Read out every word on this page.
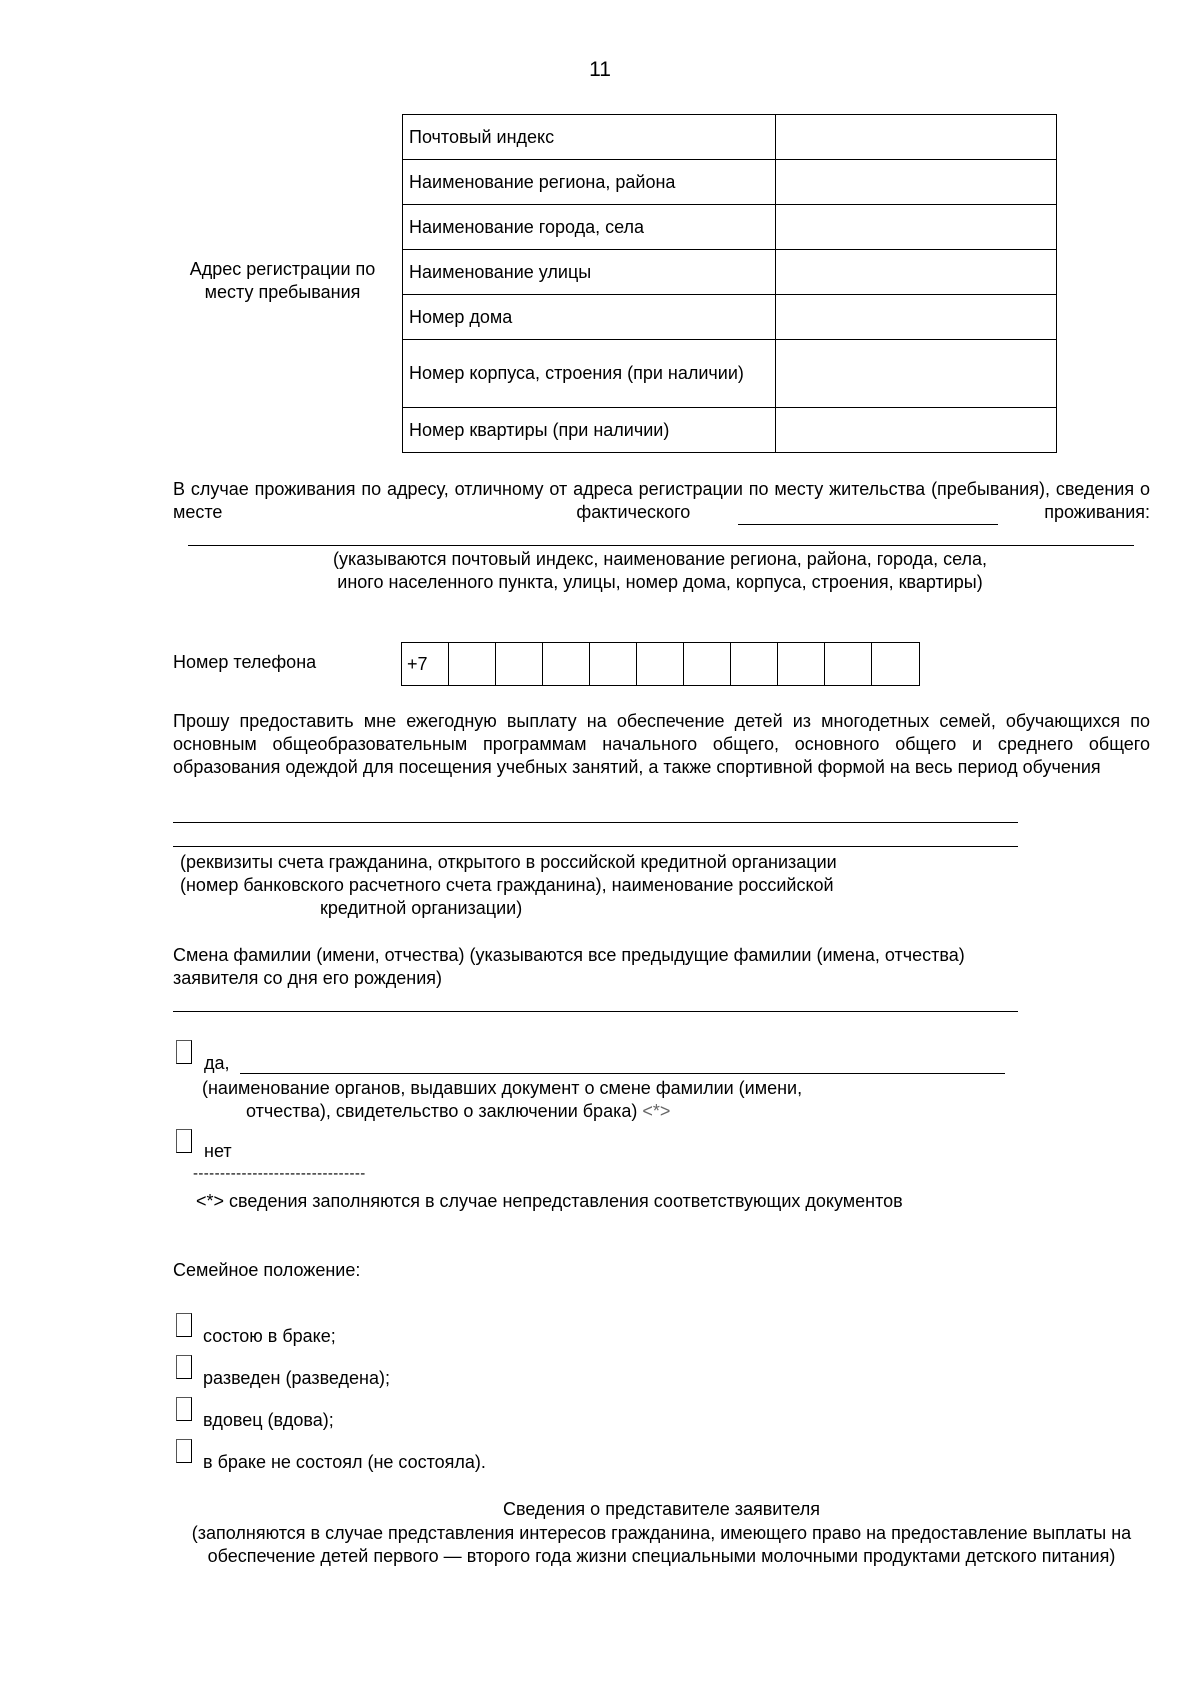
11
Адрес регистрации по месту пребывания
Почтовый индекс	
Наименование региона, района	
Наименование города, села	
Наименование улицы	
Номер дома	
Номер корпуса, строения (при наличии)	
Номер квартиры (при наличии)	
В случае проживания по адресу, отличному от адреса регистрации по месту жительства (пребывания), сведения о месте фактического проживания:
(указываются почтовый индекс, наименование региона, района, города, села, иного населенного пункта, улицы, номер дома, корпуса, строения, квартиры)
Номер телефона	+7
Прошу предоставить мне ежегодную выплату на обеспечение детей из многодетных семей, обучающихся по основным общеобразовательным программам начального общего, основного общего и среднего общего образования одеждой для посещения учебных занятий, а также спортивной формой на весь период обучения
(реквизиты счета гражданина, открытого в российской кредитной организации
(номер банковского расчетного счета гражданина), наименование российской
кредитной организации)
Смена фамилии (имени, отчества) (указываются все предыдущие фамилии (имена, отчества) заявителя со дня его рождения)
да,
(наименование органов, выдавших документ о смене фамилии (имени,
отчества), свидетельство о заключении брака) <*>
нет
--------------------------------
<*> сведения заполняются в случае непредставления соответствующих документов
Семейное положение:
состою в браке;
разведен (разведена);
вдовец (вдова);
в браке не состоял (не состояла).
Сведения о представителе заявителя
(заполняются в случае представления интересов гражданина, имеющего право на предоставление выплаты на обеспечение детей первого — второго года жизни специальными молочными продуктами детского питания)
